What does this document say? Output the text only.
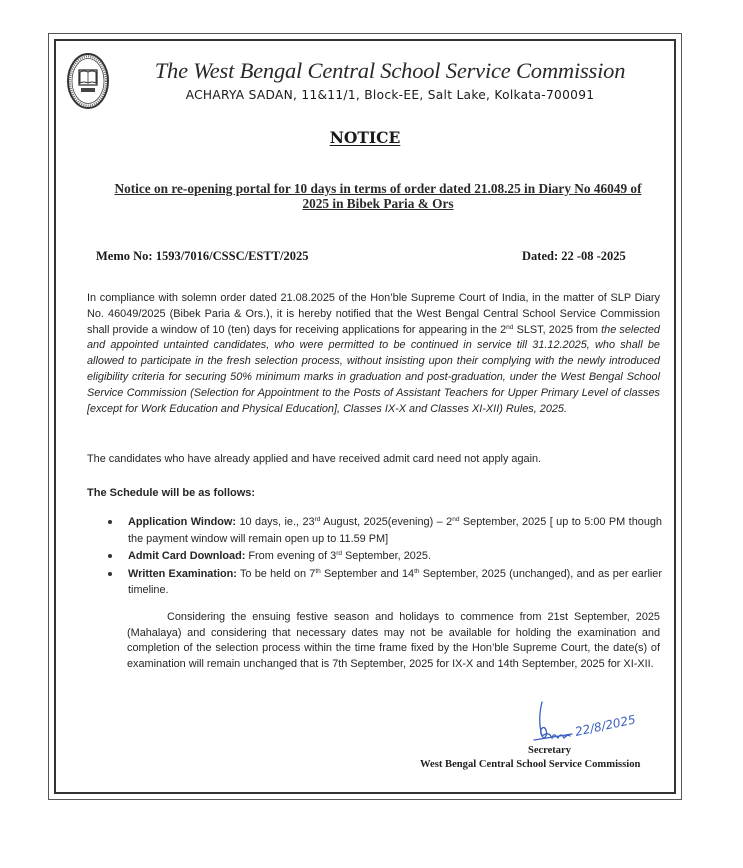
The West Bengal Central School Service Commission
ACHARYA SADAN, 11&11/1, Block-EE, Salt Lake, Kolkata-700091
NOTICE
Notice on re-opening portal for 10 days in terms of order dated 21.08.25 in Diary No 46049 of
2025 in Bibek Paria & Ors
Memo No: 1593/7016/CSSC/ESTT/2025	Dated: 22 -08 -2025
In compliance with solemn order dated 21.08.2025 of the Hon’ble Supreme Court of India, in the matter of SLP Diary No. 46049/2025 (Bibek Paria & Ors.), it is hereby notified that the West Bengal Central School Service Commission shall provide a window of 10 (ten) days for receiving applications for appearing in the 2nd SLST, 2025 from the selected and appointed untainted candidates, who were permitted to be continued in service till 31.12.2025, who shall be allowed to participate in the fresh selection process, without insisting upon their complying with the newly introduced eligibility criteria for securing 50% minimum marks in graduation and post-graduation, under the West Bengal School Service Commission (Selection for Appointment to the Posts of Assistant Teachers for Upper Primary Level of classes [except for Work Education and Physical Education], Classes IX-X and Classes XI-XII) Rules, 2025.
The candidates who have already applied and have received admit card need not apply again.
The Schedule will be as follows:
Application Window: 10 days, ie., 23rd August, 2025(evening) – 2nd September, 2025 [ up to 5:00 PM though the payment window will remain open up to 11.59 PM]
Admit Card Download: From evening of 3rd September, 2025.
Written Examination: To be held on 7th September and 14th September, 2025 (unchanged), and as per earlier timeline.
Considering the ensuing festive season and holidays to commence from 21st September, 2025 (Mahalaya) and considering that necessary dates may not be available for holding the examination and completion of the selection process within the time frame fixed by the Hon’ble Supreme Court, the date(s) of examination will remain unchanged that is 7th September, 2025 for IX-X and 14th September, 2025 for XI-XII.
22/8/2025
Secretary
West Bengal Central School Service Commission
